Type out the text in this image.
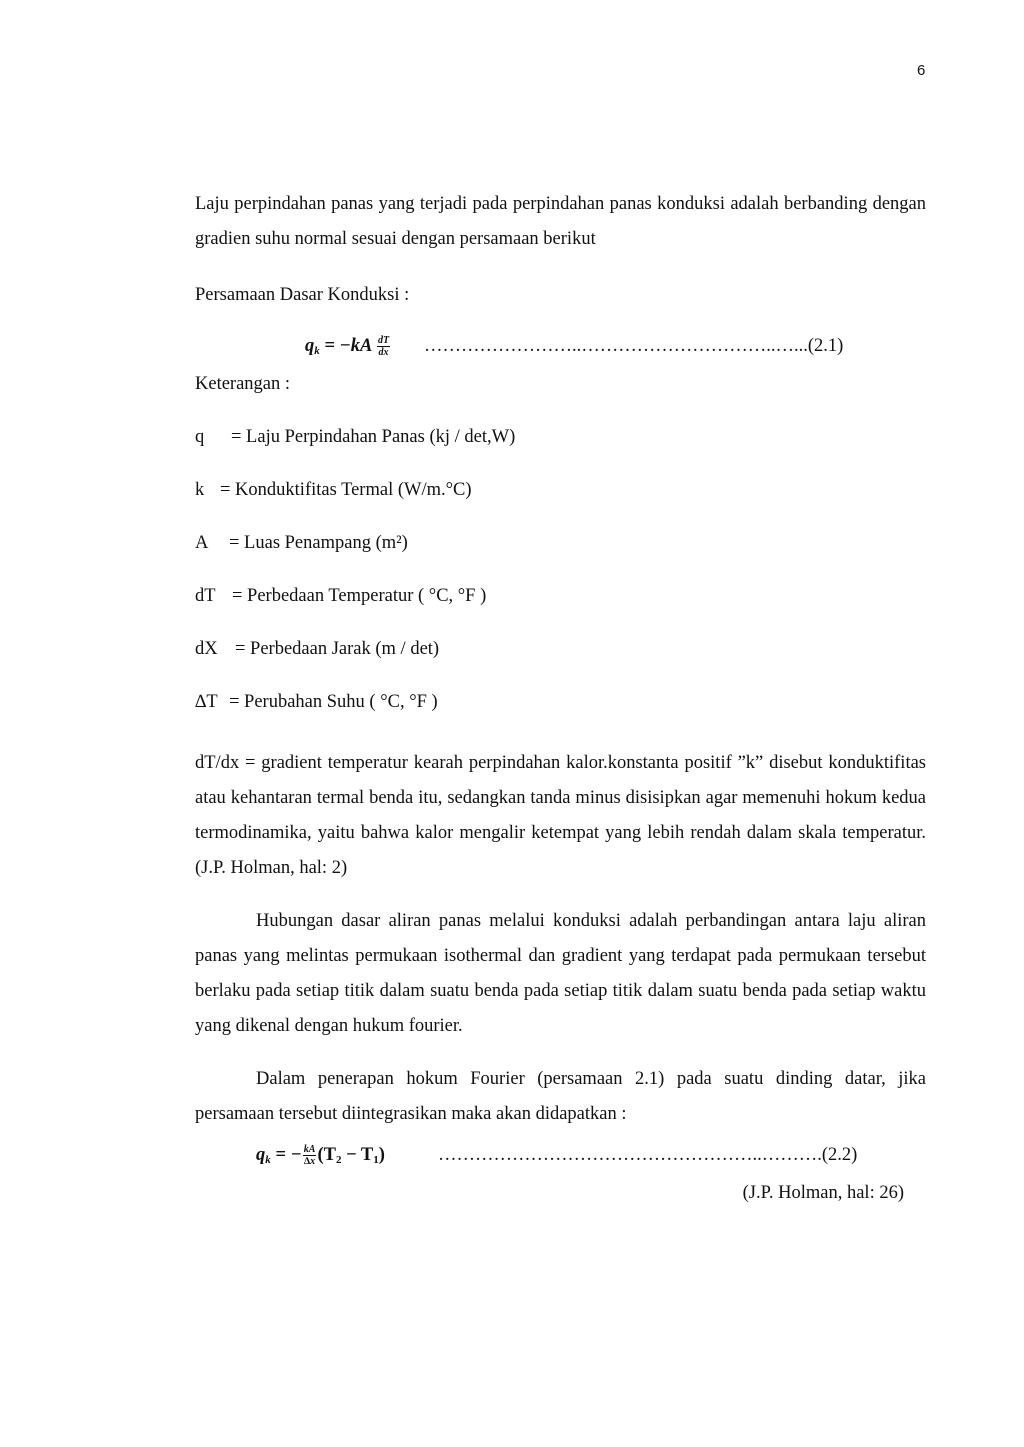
6

Laju perpindahan panas yang terjadi pada perpindahan panas konduksi adalah berbanding dengan gradien suhu normal sesuai dengan persamaan berikut

Persamaan Dasar Konduksi :

$q_k = -kA \frac{dT}{dx}$ ……………………..…………………………..…...(2.1)

Keterangan :

q = Laju Perpindahan Panas (kj / det,W)
k = Konduktifitas Termal (W/m.°C)
A = Luas Penampang (m²)
dT = Perbedaan Temperatur ( °C, °F )
dX = Perbedaan Jarak (m / det)
∆T = Perubahan Suhu ( °C, °F )

dT/dx = gradient temperatur kearah perpindahan kalor.konstanta positif ”k” disebut konduktifitas atau kehantaran termal benda itu, sedangkan tanda minus disisipkan agar memenuhi hokum kedua termodinamika, yaitu bahwa kalor mengalir ketempat yang lebih rendah dalam skala temperatur. (J.P. Holman, hal: 2)

Hubungan dasar aliran panas melalui konduksi adalah perbandingan antara laju aliran panas yang melintas permukaan isothermal dan gradient yang terdapat pada permukaan tersebut berlaku pada setiap titik dalam suatu benda pada setiap titik dalam suatu benda pada setiap waktu yang dikenal dengan hukum fourier.

Dalam penerapan hokum Fourier (persamaan 2.1) pada suatu dinding datar, jika persamaan tersebut diintegrasikan maka akan didapatkan :

$q_k$ = − $\frac{kA}{\Delta x} (T_2 - T_1)$	……………………………………………..……….(2.2)

(J.P. Holman, hal: 26)
